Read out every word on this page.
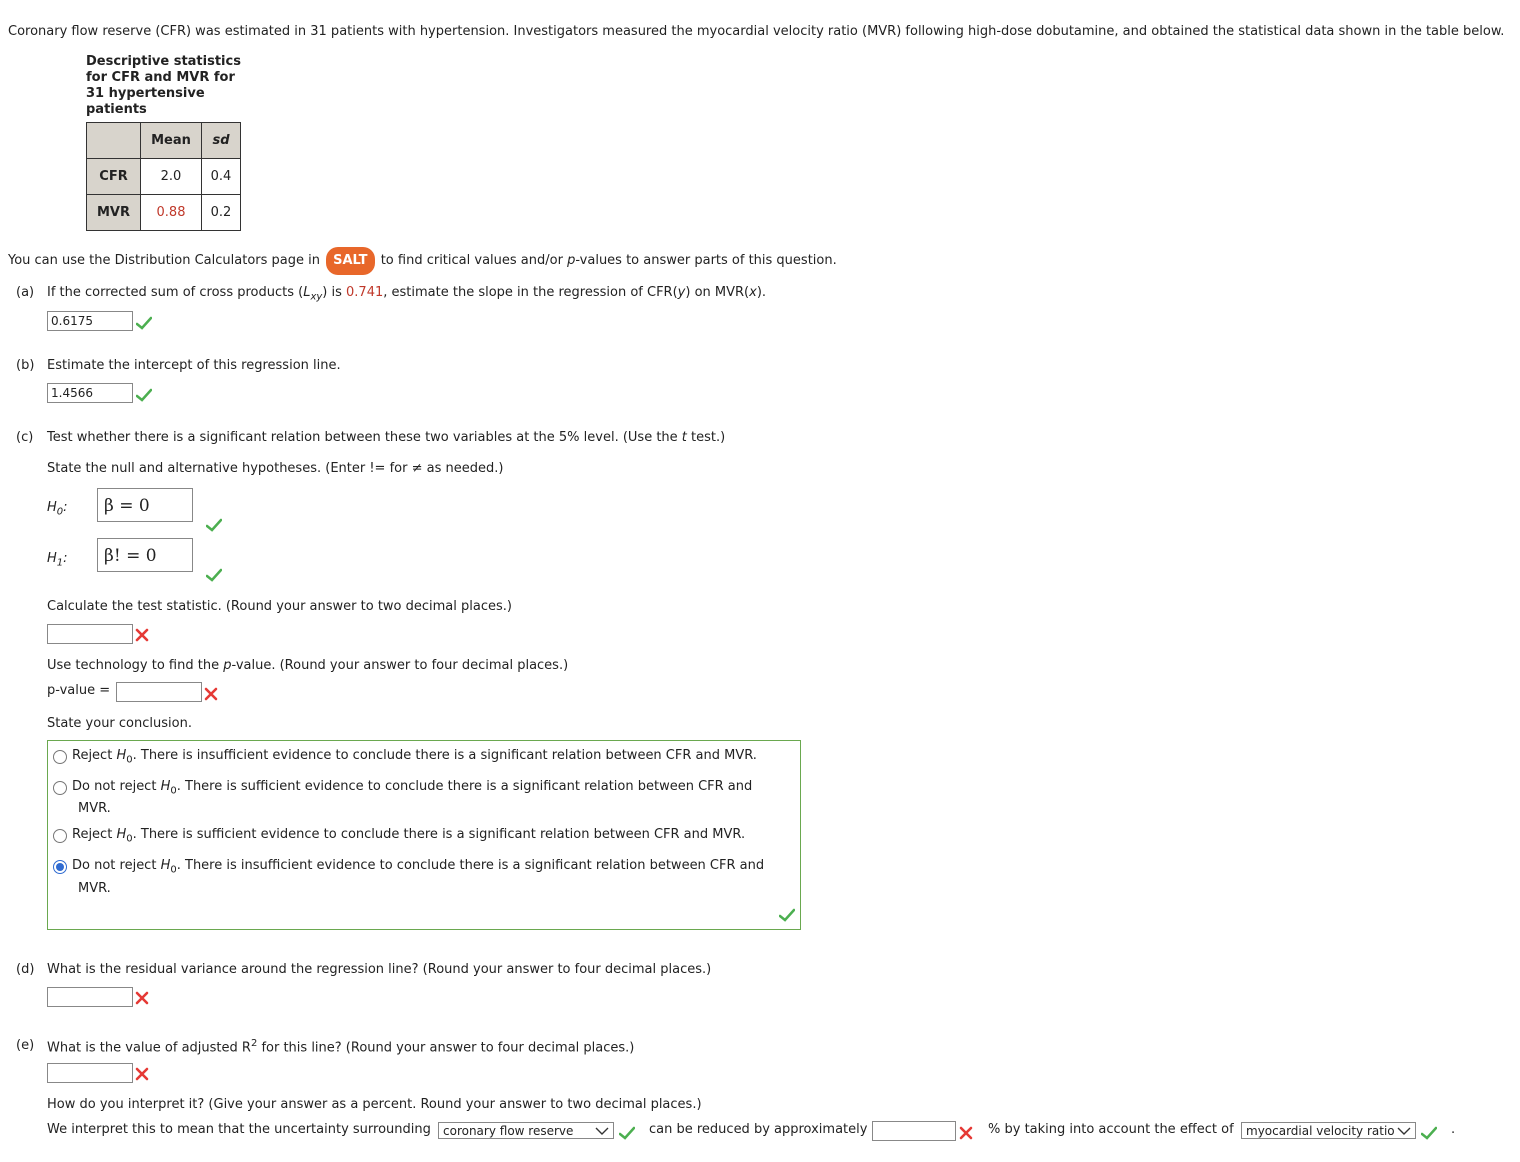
Coronary flow reserve (CFR) was estimated in 31 patients with hypertension. Investigators measured the myocardial velocity ratio (MVR) following high-dose dobutamine, and obtained the statistical data shown in the table below.
Descriptive statistics for CFR and MVR for 31 hypertensive patients
	Mean	sd
CFR	2.0	0.4
MVR	0.88	0.2
You can use the Distribution Calculators page in SALT to find critical values and/or p-values to answer parts of this question.
(a) If the corrected sum of cross products $(L_{xy})$ is 0.741, estimate the slope in the regression of CFR(y) on MVR(x).
0.6175
(b) Estimate the intercept of this regression line.
1.4566
(c) Test whether there is a significant relation between these two variables at the 5% level. (Use the t test.)
State the null and alternative hypotheses. (Enter != for ≠ as needed.)
$H_0$:	β = 0
$H_1$:	β! = 0
Calculate the test statistic. (Round your answer to two decimal places.)
Use technology to find the p-value. (Round your answer to four decimal places.)
p-value =
State your conclusion.
Reject $H_0$. There is insufficient evidence to conclude there is a significant relation between CFR and MVR.
Do not reject $H_0$. There is sufficient evidence to conclude there is a significant relation between CFR and
MVR.
Reject $H_0$. There is sufficient evidence to conclude there is a significant relation between CFR and MVR.
Do not reject $H_0$. There is insufficient evidence to conclude there is a significant relation between CFR and
MVR.
(d) What is the residual variance around the regression line? (Round your answer to four decimal places.)
(e) What is the value of adjusted $R^2$ for this line? (Round your answer to four decimal places.)
How do you interpret it? (Give your answer as a percent. Round your answer to two decimal places.)
We interpret this to mean that the uncertainty surrounding	coronary flow reserve	can be reduced by approximately	% by taking into account the effect of	myocardial velocity ratio	.
